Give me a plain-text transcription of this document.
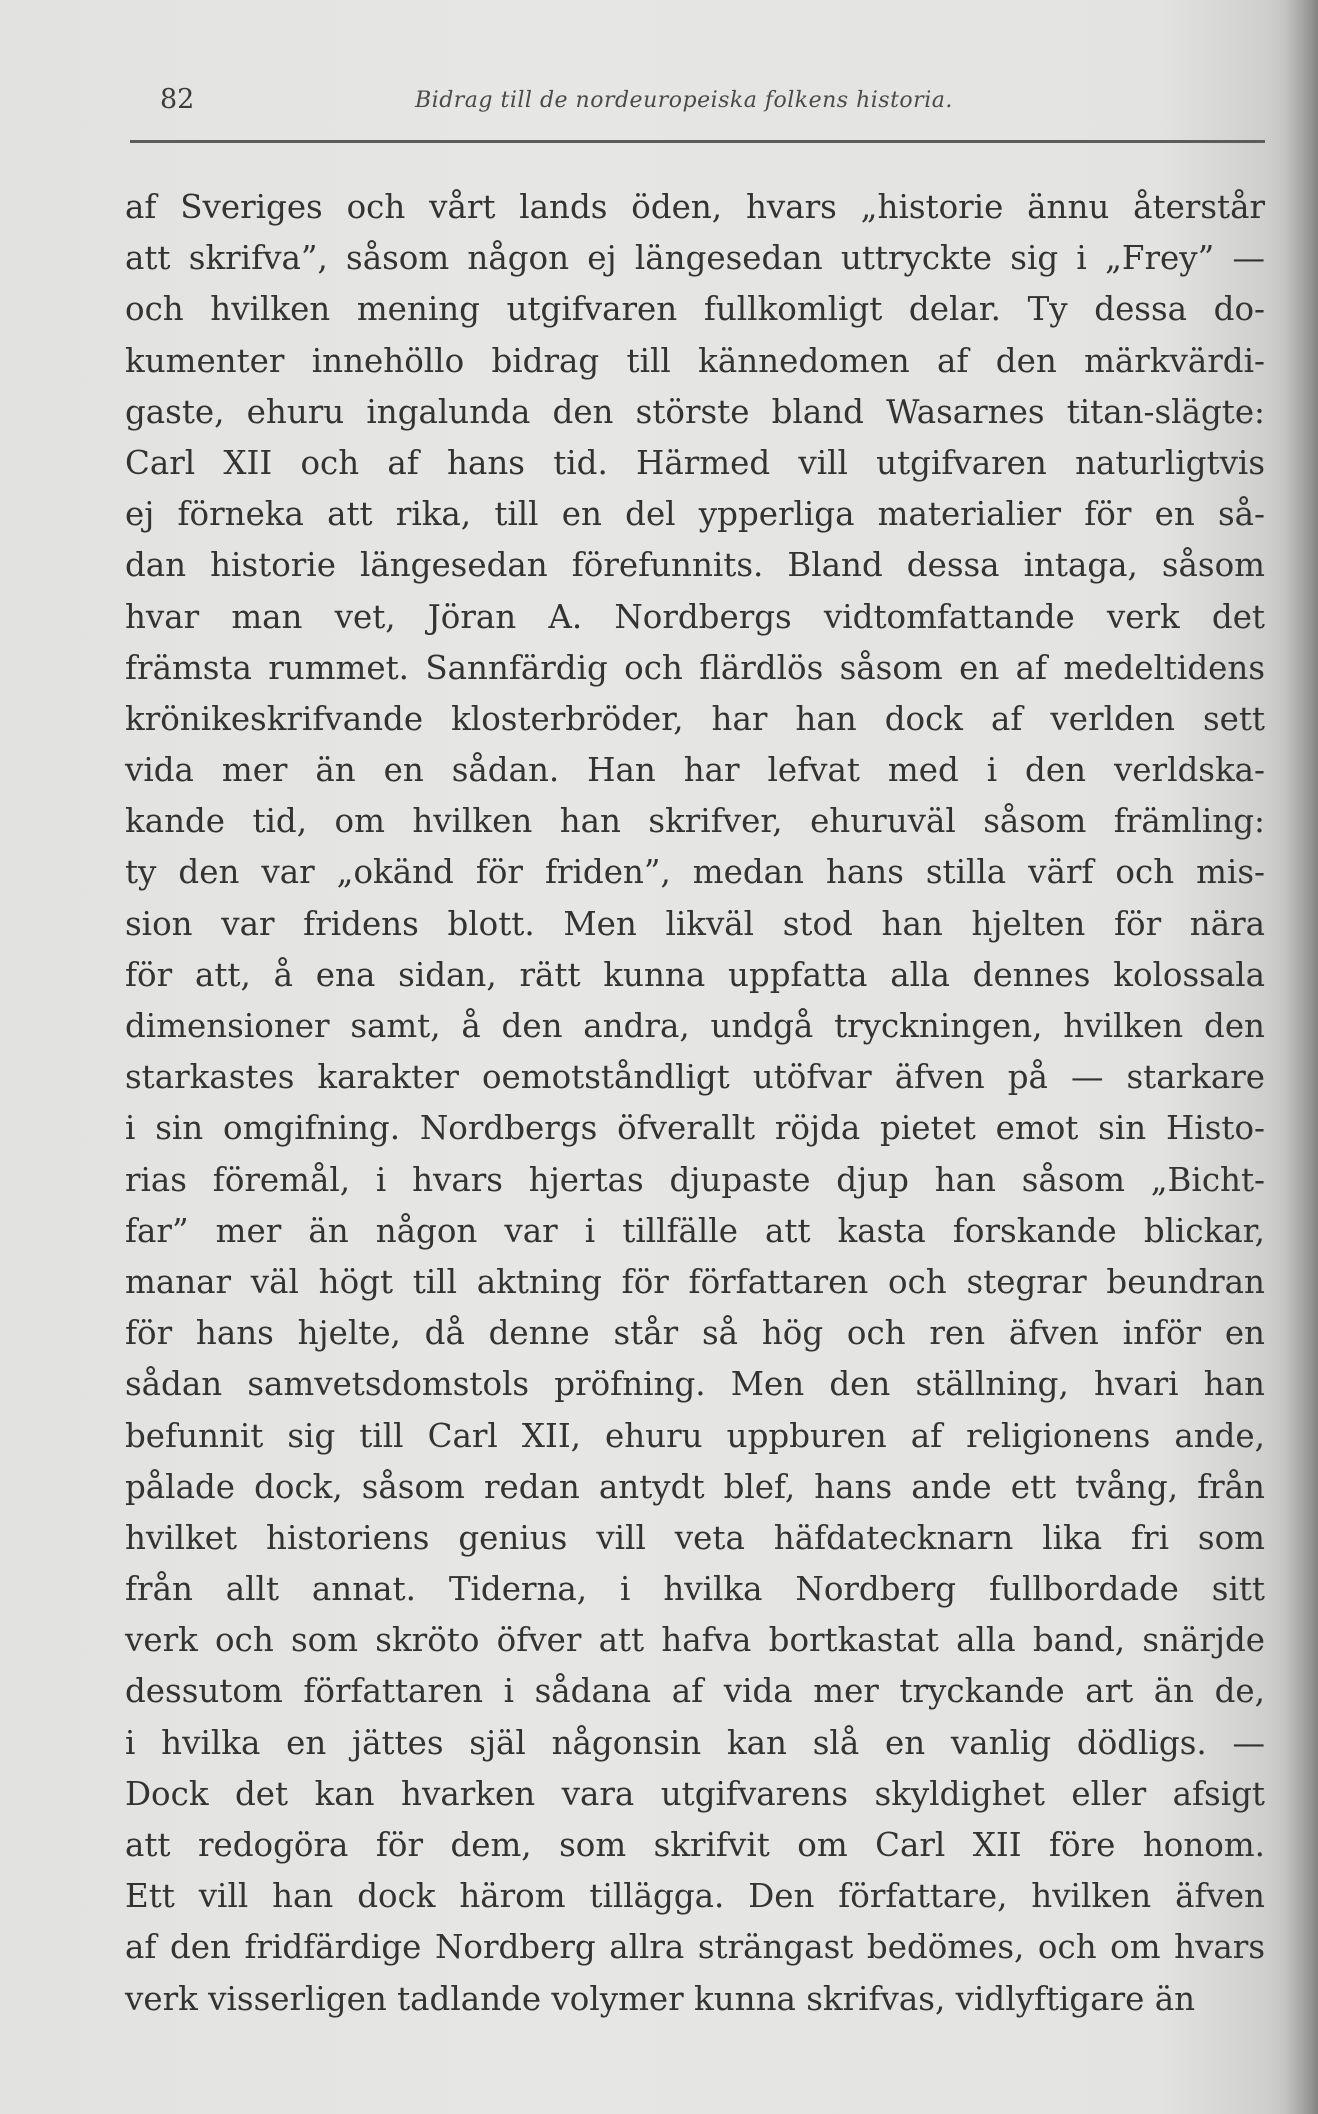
82	Bidrag till de nordeuropeiska folkens historia.
af Sveriges och vårt lands öden, hvars „historie ännu återstår
att skrifva”, såsom någon ej längesedan uttryckte sig i „Frey” —
och hvilken mening utgifvaren fullkomligt delar. Ty dessa do-
kumenter innehöllo bidrag till kännedomen af den märkvärdi-
gaste, ehuru ingalunda den störste bland Wasarnes titan-slägte:
Carl XII och af hans tid. Härmed vill utgifvaren naturligtvis
ej förneka att rika, till en del ypperliga materialier för en så-
dan historie längesedan förefunnits. Bland dessa intaga, såsom
hvar man vet, Jöran A. Nordbergs vidtomfattande verk det
främsta rummet. Sannfärdig och flärdlös såsom en af medeltidens
krönikeskrifvande klosterbröder, har han dock af verlden sett
vida mer än en sådan. Han har lefvat med i den verldska-
kande tid, om hvilken han skrifver, ehuruväl såsom främling:
ty den var „okänd för friden”, medan hans stilla värf och mis-
sion var fridens blott. Men likväl stod han hjelten för nära
för att, å ena sidan, rätt kunna uppfatta alla dennes kolossala
dimensioner samt, å den andra, undgå tryckningen, hvilken den
starkastes karakter oemotståndligt utöfvar äfven på — starkare
i sin omgifning. Nordbergs öfverallt röjda pietet emot sin Histo-
rias föremål, i hvars hjertas djupaste djup han såsom „Bicht-
far” mer än någon var i tillfälle att kasta forskande blickar,
manar väl högt till aktning för författaren och stegrar beundran
för hans hjelte, då denne står så hög och ren äfven inför en
sådan samvetsdomstols pröfning. Men den ställning, hvari han
befunnit sig till Carl XII, ehuru uppburen af religionens ande,
pålade dock, såsom redan antydt blef, hans ande ett tvång, från
hvilket historiens genius vill veta häfdatecknarn lika fri som
från allt annat. Tiderna, i hvilka Nordberg fullbordade sitt
verk och som skröto öfver att hafva bortkastat alla band, snärjde
dessutom författaren i sådana af vida mer tryckande art än de,
i hvilka en jättes själ någonsin kan slå en vanlig dödligs. —
Dock det kan hvarken vara utgifvarens skyldighet eller afsigt
att redogöra för dem, som skrifvit om Carl XII före honom.
Ett vill han dock härom tillägga. Den författare, hvilken äfven
af den fridfärdige Nordberg allra strängast bedömes, och om hvars
verk visserligen tadlande volymer kunna skrifvas, vidlyftigare än
